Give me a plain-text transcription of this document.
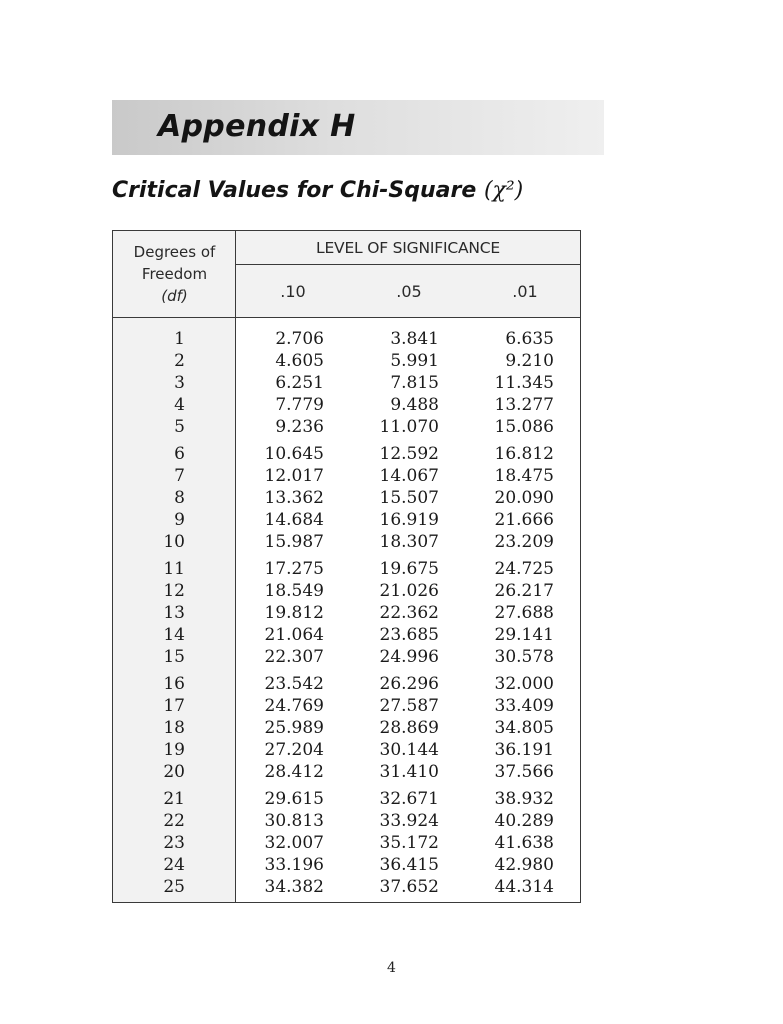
Appendix H
Critical Values for Chi-Square (χ²)
Degrees of
Freedom
(df)
LEVEL OF SIGNIFICANCE
.10	.05	.01
1	2.706	3.841	6.635
2	4.605	5.991	9.210
3	6.251	7.815	11.345
4	7.779	9.488	13.277
5	9.236	11.070	15.086
6	10.645	12.592	16.812
7	12.017	14.067	18.475
8	13.362	15.507	20.090
9	14.684	16.919	21.666
10	15.987	18.307	23.209
11	17.275	19.675	24.725
12	18.549	21.026	26.217
13	19.812	22.362	27.688
14	21.064	23.685	29.141
15	22.307	24.996	30.578
16	23.542	26.296	32.000
17	24.769	27.587	33.409
18	25.989	28.869	34.805
19	27.204	30.144	36.191
20	28.412	31.410	37.566
21	29.615	32.671	38.932
22	30.813	33.924	40.289
23	32.007	35.172	41.638
24	33.196	36.415	42.980
25	34.382	37.652	44.314
4
